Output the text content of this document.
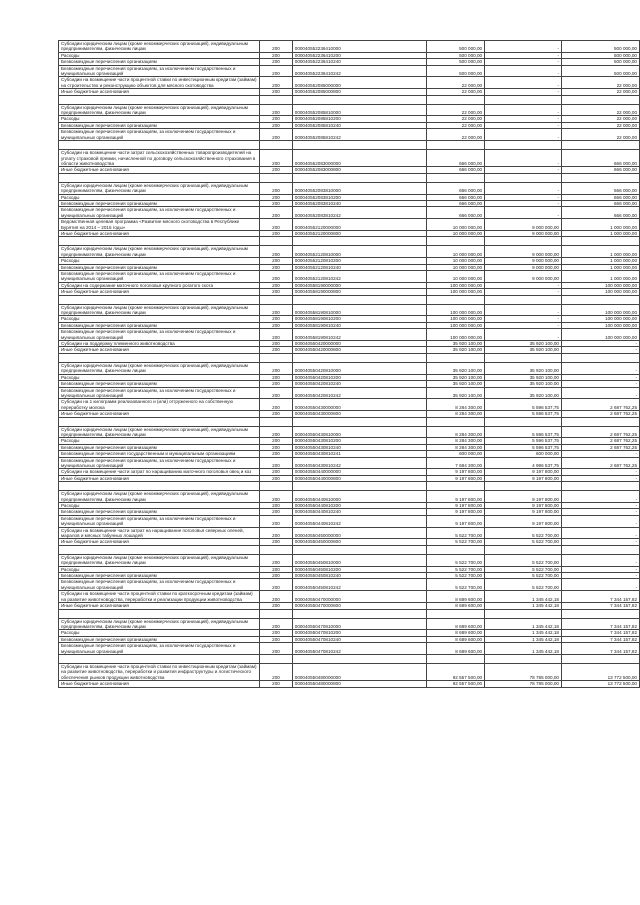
Субсидии юридическим лицам (кроме некоммерческих организаций), индивидуальным предпринимателям, физическим лицам	200	000040552236410000	500 000,00	-	500 000,00
Расходы	200	000040552236410200	500 000,00	-	500 000,00
Безвозмездные перечисления организациям	200	000040552236410240	500 000,00	-	500 000,00
Безвозмездные перечисления организациям, за исключением государственных и муниципальных организаций	200	000040552236410242	500 000,00	-	500 000,00
Субсидии на возмещение части процентной ставки по инвестиционным кредитам (займам) на строительство и реконструкцию объектов для мясного скотоводства	200	000040552085000000	22 000,00	-	22 000,00
Иные бюджетные ассигнования	200	000040552085000800	22 000,00	-	22 000,00

Субсидии юридическим лицам (кроме некоммерческих организаций), индивидуальным предпринимателям, физическим лицам	200	000040552085810000	22 000,00	-	22 000,00
Расходы	200	000040552085810200	22 000,00	-	22 000,00
Безвозмездные перечисления организациям	200	000040552085810240	22 000,00	-	22 000,00
Безвозмездные перечисления организациям, за исключением государственных и муниципальных организаций	200	000040552085810242	22 000,00	-	22 000,00

Субсидии на возмещение части затрат сельскохозяйственных товаропроизводителей на уплату страховой премии, начисленной по договору сельскохозяйственного страхования в области животноводства	200	000040552083000000	666 000,00	-	666 000,00
Иные бюджетные ассигнования	200	000040552083000800	666 000,00	-	666 000,00

Субсидии юридическим лицам (кроме некоммерческих организаций), индивидуальным предпринимателям, физическим лицам	200	000040552083810000	666 000,00	-	666 000,00
Расходы	200	000040552083810200	666 000,00	-	666 000,00
Безвозмездные перечисления организациям	200	000040552083810240	666 000,00	-	666 000,00
Безвозмездные перечисления организациям, за исключением государственных и муниципальных организаций	200	000040552083810242	666 000,00	-	666 000,00
Ведомственная целевая программа «Развитие мясного скотоводства в Республике Бурятия на 2014 – 2016 годы»	200	000040552120000000	10 000 000,00	9 000 000,00	1 000 000,00
Иные бюджетные ассигнования	200	000040552120000800	10 000 000,00	9 000 000,00	1 000 000,00

Субсидии юридическим лицам (кроме некоммерческих организаций), индивидуальным предпринимателям, физическим лицам	200	000040552120810000	10 000 000,00	9 000 000,00	1 000 000,00
Расходы	200	000040552120810200	10 000 000,00	9 000 000,00	1 000 000,00
Безвозмездные перечисления организациям	200	000040552120810240	10 000 000,00	9 000 000,00	1 000 000,00
Безвозмездные перечисления организациям, за исключением государственных и муниципальных организаций	200	000040552120810242	10 000 000,00	9 000 000,00	1 000 000,00
Субсидии на содержание маточного поголовья крупного рогатого скота	200	000040558190000000	100 000 000,00	-	100 000 000,00
Иные бюджетные ассигнования	200	000040558190000800	100 000 000,00	-	100 000 000,00

Субсидии юридическим лицам (кроме некоммерческих организаций), индивидуальным предпринимателям, физическим лицам	200	000040558190810000	100 000 000,00	-	100 000 000,00
Расходы	200	000040558190810200	100 000 000,00	-	100 000 000,00
Безвозмездные перечисления организациям	200	000040558190810240	100 000 000,00	-	100 000 000,00
Безвозмездные перечисления организациям, за исключением государственных и муниципальных организаций	200	000040558190810242	100 000 000,00	-	100 000 000,00
Субсидии на поддержку племенного животноводства	200	000040550420000000	35 920 100,00	35 920 100,00	-
Иные бюджетные ассигнования	200	000040550420000800	35 920 100,00	35 920 100,00	-

Субсидии юридическим лицам (кроме некоммерческих организаций), индивидуальным предпринимателям, физическим лицам	200	000040550420810000	35 920 100,00	35 920 100,00	-
Расходы	200	000040550420810200	35 920 100,00	35 920 100,00	-
Безвозмездные перечисления организациям	200	000040550420810240	35 920 100,00	35 920 100,00	-
Безвозмездные перечисления организациям, за исключением государственных и муниципальных организаций	200	000040550420810242	35 920 100,00	35 920 100,00	-
Субсидии на 1 килограмм реализованного и (или) отгруженного на собственную переработку молока	200	000040550430000000	8 284 300,00	5 596 537,75	2 687 762,25
Иные бюджетные ассигнования	200	000040550430000800	8 284 300,00	5 596 537,75	2 687 762,25

Субсидии юридическим лицам (кроме некоммерческих организаций), индивидуальным предпринимателям, физическим лицам	200	000040550430810000	8 284 300,00	5 596 537,75	2 687 762,25
Расходы	200	000040550430810200	8 284 300,00	5 596 537,75	2 687 762,25
Безвозмездные перечисления организациям	200	000040550430810240	8 284 300,00	5 596 537,75	2 687 762,25
Безвозмездные перечисления государственным и муниципальным организациям	200	000040550430810241	600 000,00	600 000,00	-
Безвозмездные перечисления организациям, за исключением государственных и муниципальных организаций	200	000040550430810242	7 684 300,00	4 996 537,75	2 687 762,25
Субсидии на возмещение части затрат по наращиванию маточного поголовья овец и коз	200	000040550440000000	9 197 800,00	9 197 800,00	-
Иные бюджетные ассигнования	200	000040550440000800	9 197 800,00	9 197 800,00	-

Субсидии юридическим лицам (кроме некоммерческих организаций), индивидуальным предпринимателям, физическим лицам	200	000040550440810000	9 197 800,00	9 197 800,00	-
Расходы	200	000040550440810200	9 197 800,00	9 197 800,00	-
Безвозмездные перечисления организациям	200	000040550440810240	9 197 800,00	9 197 800,00	-
Безвозмездные перечисления организациям, за исключением государственных и муниципальных организаций	200	000040550440810242	9 197 800,00	9 197 800,00	-
Субсидии на возмещение части затрат на наращивание поголовья северных оленей, маралов и мясных табунных лошадей	200	000040550450000000	5 522 700,00	5 522 700,00	-
Иные бюджетные ассигнования	200	000040550450000800	5 522 700,00	5 522 700,00	-

Субсидии юридическим лицам (кроме некоммерческих организаций), индивидуальным предпринимателям, физическим лицам	200	000040550450810000	5 522 700,00	5 522 700,00	-
Расходы	200	000040550450810200	5 522 700,00	5 522 700,00	-
Безвозмездные перечисления организациям	200	000040550450810240	5 522 700,00	5 522 700,00	-
Безвозмездные перечисления организациям, за исключением государственных и муниципальных организаций	200	000040550450810242	5 522 700,00	5 522 700,00	-
Субсидии на возмещение части процентной ставки по краткосрочным кредитам (займам) на развитие животноводства, переработки и реализации продукции животноводства	200	000040550470000000	8 689 600,00	1 345 442,18	7 344 157,82
Иные бюджетные ассигнования	200	000040550470000800	8 689 600,00	1 345 442,18	7 344 157,82

Субсидии юридическим лицам (кроме некоммерческих организаций), индивидуальным предпринимателям, физическим лицам	200	000040550470810000	8 689 600,00	1 345 442,18	7 344 157,82
Расходы	200	000040550470810200	8 689 600,00	1 345 442,18	7 344 157,82
Безвозмездные перечисления организациям	200	000040550470810240	8 689 600,00	1 345 442,18	7 344 157,82
Безвозмездные перечисления организациям, за исключением государственных и муниципальных организаций	200	000040550470810242	8 689 600,00	1 345 442,18	7 344 157,82

Субсидии на возмещение части процентной ставки по инвестиционным кредитам (займам) на развитие животноводства, переработки и развития инфраструктуры и логистического обеспечения рынков продукции животноводства	200	000040550480000000	92 557 500,00	78 785 000,00	13 772 500,00
Иные бюджетные ассигнования	200	000040550480000800	92 557 500,00	78 785 000,00	13 772 500,00
